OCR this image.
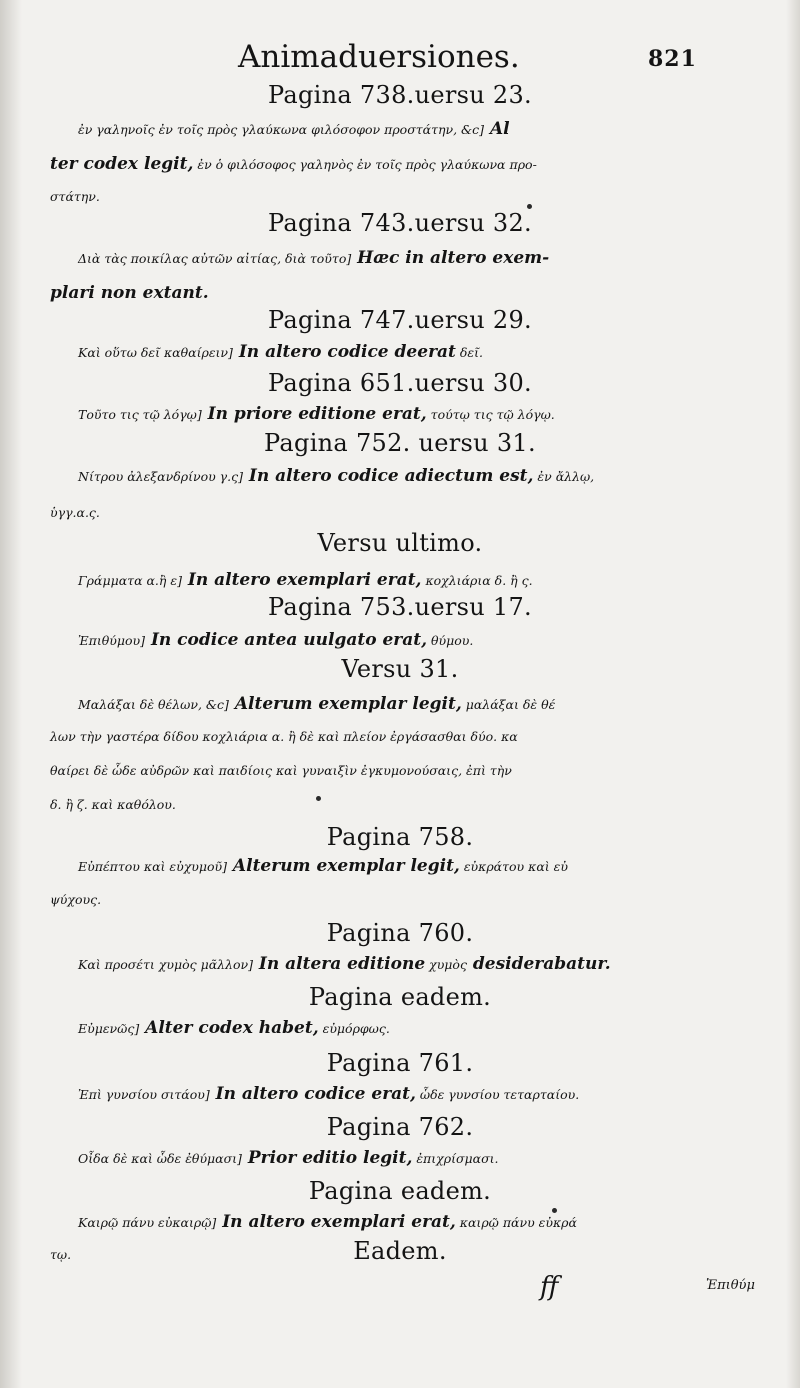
Animaduersiones.	821
Pagina 738.uersu 23.
ἐν γαληνοῖς ἐν τοῖς πρὸς γλαύκωνα φιλόσοφον προστάτην, &c] Al
ter codex legit, ἐν ὁ φιλόσοφος γαληνὸς ἐν τοῖς πρὸς γλαύκωνα προ-
στάτην.
Pagina 743.uersu 32.
Διὰ τὰς ποικίλας αὐτῶν αἰτίας, διὰ τοῦτο] Hæc in altero exem-
plari non extant.
Pagina 747.uersu 29.
Καὶ οὕτω δεῖ καθαίρειν] In altero codice deerat δεῖ.
Pagina 651.uersu 30.
Τοῦτο τις τῷ λόγῳ] In priore editione erat, τούτῳ τις τῷ λόγῳ.
Pagina 752. uersu 31.
Νίτρου ἀλεξανδρίνου γ.ς] In altero codice adiectum est, ἐν ἄλλῳ,
ὑγγ.α.ς.
Versu ultimo.
Γράμματα α.ἢ ε] In altero exemplari erat, κοχλιάρια δ. ἢ ς.
Pagina 753.uersu 17.
Ἐπιθύμου] In codice antea uulgato erat, θύμου.
Versu 31.
Μαλάξαι δὲ θέλων, &c] Alterum exemplar legit, μαλάξαι δὲ θέ
λων τὴν γαστέρα δίδου κοχλιάρια α. ἢ δὲ καὶ πλείον ἐργάσασθαι δύο. κα
θαίρει δὲ ὧδε αὐδρῶν καὶ παιδίοις καὶ γυναιξὶν ἐγκυμονούσαις, ἐπὶ τὴν
δ. ἢ ζ. καὶ καθόλου.
Pagina 758.
Εὐπέπτου καὶ εὐχυμοῦ] Alterum exemplar legit, εὐκράτου καὶ εὐ
ψύχους.
Pagina 760.
Καὶ προσέτι χυμὸς μᾶλλον] In altera editione χυμὸς desiderabatur.
Pagina eadem.
Εὐμενῶς] Alter codex habet, εὐμόρφως.
Pagina 761.
Ἐπὶ γυνσίου σιτάου] In altero codice erat, ὧδε γυνσίου τεταρταίου.
Pagina 762.
Οἶδα δὲ καὶ ὧδε ἐθύμασι] Prior editio legit, ἐπιχρίσμασι.
Pagina eadem.
Καιρῷ πάνυ εὐκαιρῷ] In altero exemplari erat, καιρῷ πάνυ εὐκρά
τῳ.	Eadem.
ff	Ἐπιθύμ
